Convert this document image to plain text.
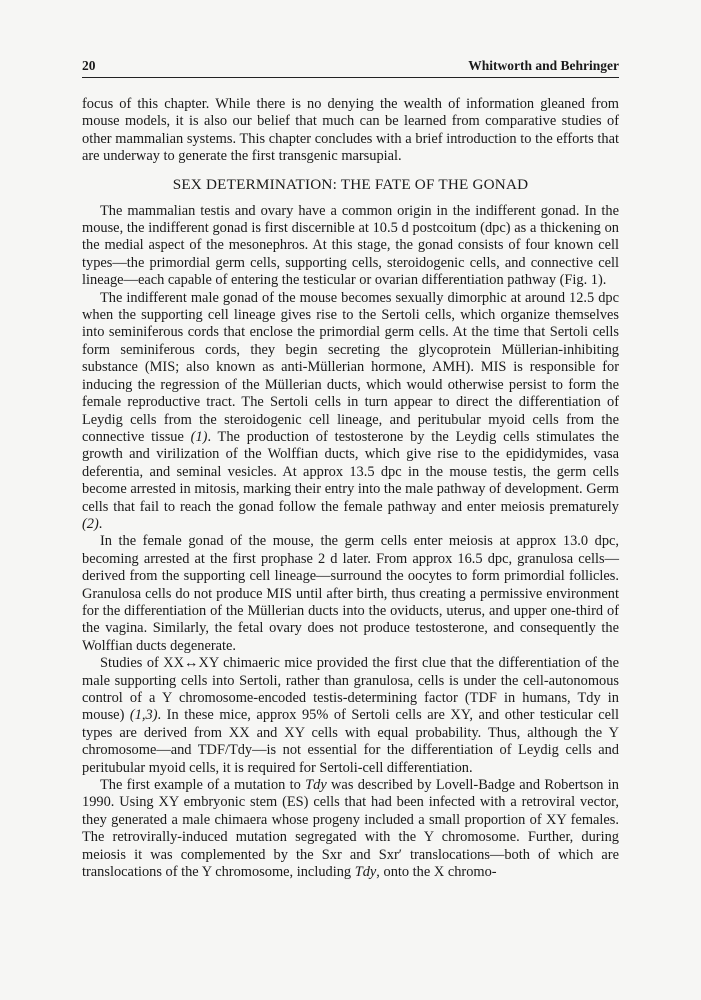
20	Whitworth and Behringer

focus of this chapter. While there is no denying the wealth of information gleaned from mouse models, it is also our belief that much can be learned from comparative studies of other mammalian systems. This chapter concludes with a brief introduction to the efforts that are underway to generate the first transgenic marsupial.

SEX DETERMINATION: THE FATE OF THE GONAD

The mammalian testis and ovary have a common origin in the indifferent gonad. In the mouse, the indifferent gonad is first discernible at 10.5 d postcoitum (dpc) as a thickening on the medial aspect of the mesonephros. At this stage, the gonad consists of four known cell types—the primordial germ cells, supporting cells, steroidogenic cells, and connective cell lineage—each capable of entering the testicular or ovarian differentiation pathway (Fig. 1).

The indifferent male gonad of the mouse becomes sexually dimorphic at around 12.5 dpc when the supporting cell lineage gives rise to the Sertoli cells, which organize themselves into seminiferous cords that enclose the primordial germ cells. At the time that Sertoli cells form seminiferous cords, they begin secreting the glycoprotein Müllerian-inhibiting substance (MIS; also known as anti-Müllerian hormone, AMH). MIS is responsible for inducing the regression of the Müllerian ducts, which would otherwise persist to form the female reproductive tract. The Sertoli cells in turn appear to direct the differentiation of Leydig cells from the steroidogenic cell lineage, and peritubular myoid cells from the connective tissue (1). The production of testosterone by the Leydig cells stimulates the growth and virilization of the Wolffian ducts, which give rise to the epididymides, vasa deferentia, and seminal vesicles. At approx 13.5 dpc in the mouse testis, the germ cells become arrested in mitosis, marking their entry into the male pathway of development. Germ cells that fail to reach the gonad follow the female pathway and enter meiosis prematurely (2).

In the female gonad of the mouse, the germ cells enter meiosis at approx 13.0 dpc, becoming arrested at the first prophase 2 d later. From approx 16.5 dpc, granulosa cells—derived from the supporting cell lineage—surround the oocytes to form primordial follicles. Granulosa cells do not produce MIS until after birth, thus creating a permissive environment for the differentiation of the Müllerian ducts into the oviducts, uterus, and upper one-third of the vagina. Similarly, the fetal ovary does not produce testosterone, and consequently the Wolffian ducts degenerate.

Studies of XX↔XY chimaeric mice provided the first clue that the differentiation of the male supporting cells into Sertoli, rather than granulosa, cells is under the cell-autonomous control of a Y chromosome-encoded testis-determining factor (TDF in humans, Tdy in mouse) (1,3). In these mice, approx 95% of Sertoli cells are XY, and other testicular cell types are derived from XX and XY cells with equal probability. Thus, although the Y chromosome—and TDF/Tdy—is not essential for the differentiation of Leydig cells and peritubular myoid cells, it is required for Sertoli-cell differentiation.

The first example of a mutation to Tdy was described by Lovell-Badge and Robertson in 1990. Using XY embryonic stem (ES) cells that had been infected with a retroviral vector, they generated a male chimaera whose progeny included a small proportion of XY females. The retrovirally-induced mutation segregated with the Y chromosome. Further, during meiosis it was complemented by the Sxr and Sxr′ translocations—both of which are translocations of the Y chromosome, including Tdy, onto the X chromo-
